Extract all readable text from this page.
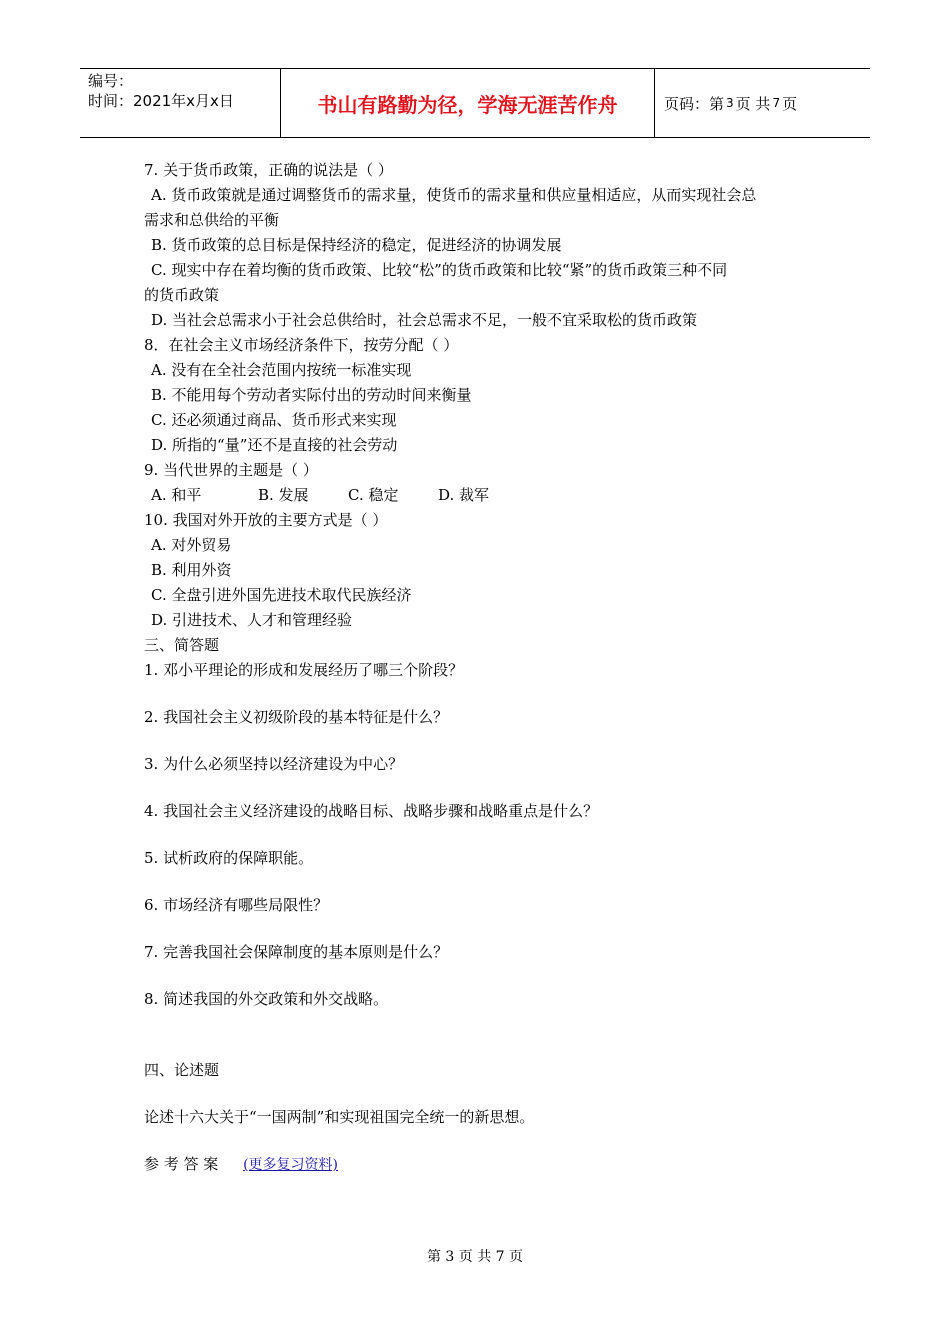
编号：
时间：2021年x月x日	书山有路勤为径，学海无涯苦作舟	页码：第 3 页 共 7 页
7. 关于货币政策，正确的说法是（ ）
A. 货币政策就是通过调整货币的需求量，使货币的需求量和供应量相适应，从而实现社会总
需求和总供给的平衡
B. 货币政策的总目标是保持经济的稳定，促进经济的协调发展
C. 现实中存在着均衡的货币政策、比较“松”的货币政策和比较“紧”的货币政策三种不同
的货币政策
D. 当社会总需求小于社会总供给时，社会总需求不足，一般不宜采取松的货币政策
8．在社会主义市场经济条件下，按劳分配（ ）
A. 没有在全社会范围内按统一标准实现
B. 不能用每个劳动者实际付出的劳动时间来衡量
C. 还必须通过商品、货币形式来实现
D. 所指的“量”还不是直接的社会劳动
9. 当代世界的主题是（ ）
A. 和平	B. 发展	C. 稳定	D. 裁军
10. 我国对外开放的主要方式是（ ）
A. 对外贸易
B. 利用外资
C. 全盘引进外国先进技术取代民族经济
D. 引进技术、人才和管理经验
三、简答题
1. 邓小平理论的形成和发展经历了哪三个阶段？
2. 我国社会主义初级阶段的基本特征是什么？
3. 为什么必须坚持以经济建设为中心？
4. 我国社会主义经济建设的战略目标、战略步骤和战略重点是什么？
5. 试析政府的保障职能。
6. 市场经济有哪些局限性？
7. 完善我国社会保障制度的基本原则是什么？
8. 简述我国的外交政策和外交战略。
四、论述题
论述十六大关于“一国两制”和实现祖国完全统一的新思想。
参 考 答 案 (更多复习资料)
第 3 页 共 7 页
